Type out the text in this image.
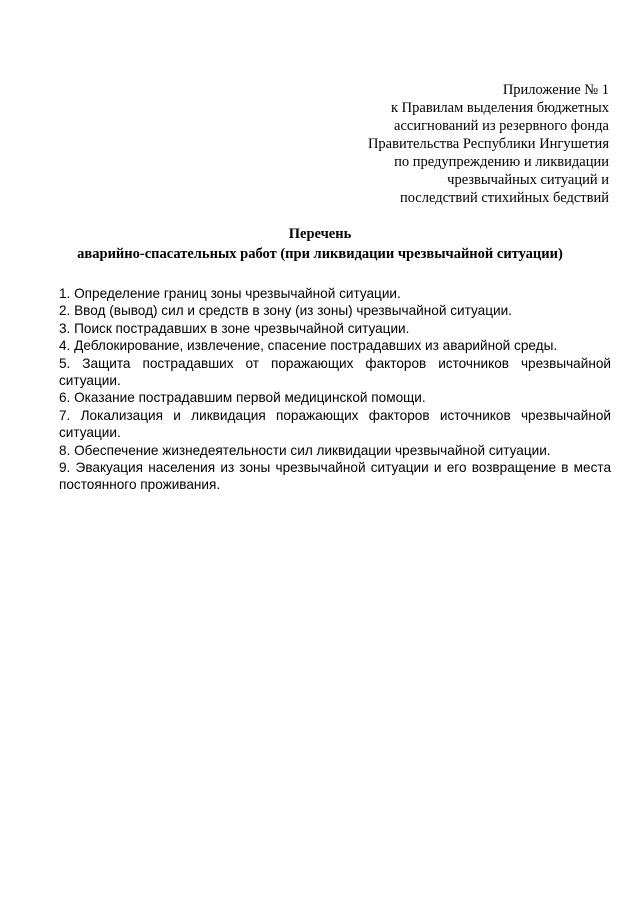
Приложение № 1
к Правилам выделения бюджетных
ассигнований из резервного фонда
Правительства Республики Ингушетия
по предупреждению и ликвидации
чрезвычайных ситуаций и
последствий стихийных бедствий
Перечень
аварийно-спасательных работ (при ликвидации чрезвычайной ситуации)
1. Определение границ зоны чрезвычайной ситуации.
2. Ввод (вывод) сил и средств в зону (из зоны) чрезвычайной ситуации.
3. Поиск пострадавших в зоне чрезвычайной ситуации.
4. Деблокирование, извлечение, спасение пострадавших из аварийной среды.
5. Защита пострадавших от поражающих факторов источников чрезвычайной ситуации.
6. Оказание пострадавшим первой медицинской помощи.
7. Локализация и ликвидация поражающих факторов источников чрезвычайной ситуации.
8. Обеспечение жизнедеятельности сил ликвидации чрезвычайной ситуации.
9. Эвакуация населения из зоны чрезвычайной ситуации и его возвращение в места постоянного проживания.
